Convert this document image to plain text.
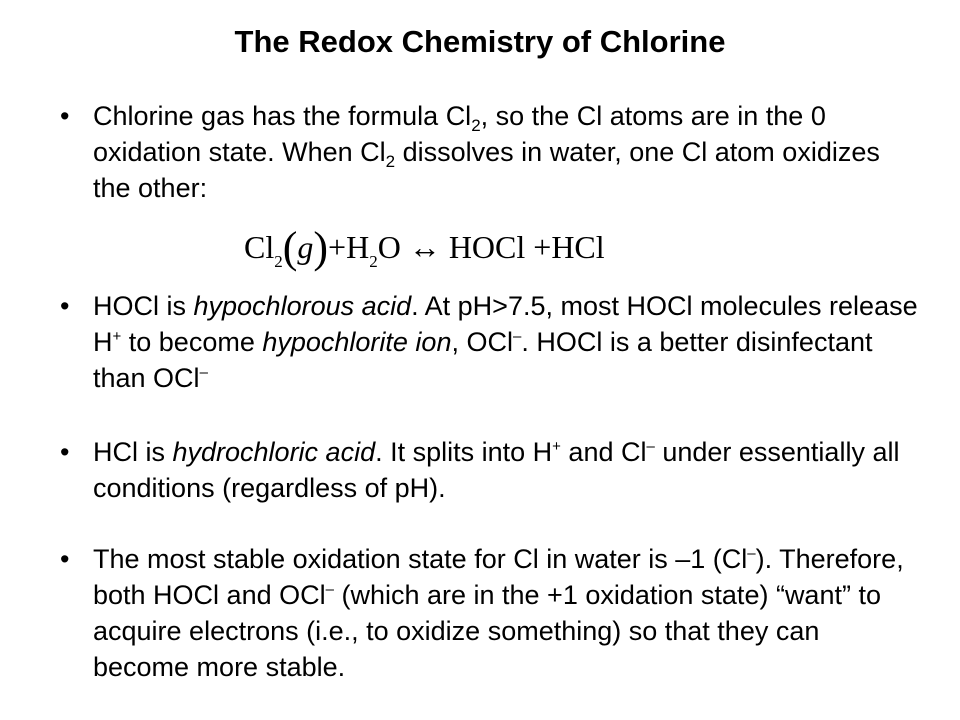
The Redox Chemistry of Chlorine
• Chlorine gas has the formula $Cl_2$, so the Cl atoms are in the 0 oxidation state. When $Cl_2$ dissolves in water, one Cl atom oxidizes the other:
$Cl_2(g)+H_2O$ ↔ HOCl +HCl
• HOCl is hypochlorous acid. At pH>7.5, most HOCl molecules release H+ to become hypochlorite ion, OCl–. HOCl is a better disinfectant than OCl–
• HCl is hydrochloric acid. It splits into H+ and Cl– under essentially all conditions (regardless of pH).
• The most stable oxidation state for Cl in water is –1 (Cl–). Therefore, both HOCl and OCl– (which are in the +1 oxidation state) “want” to acquire electrons (i.e., to oxidize something) so that they can become more stable.
